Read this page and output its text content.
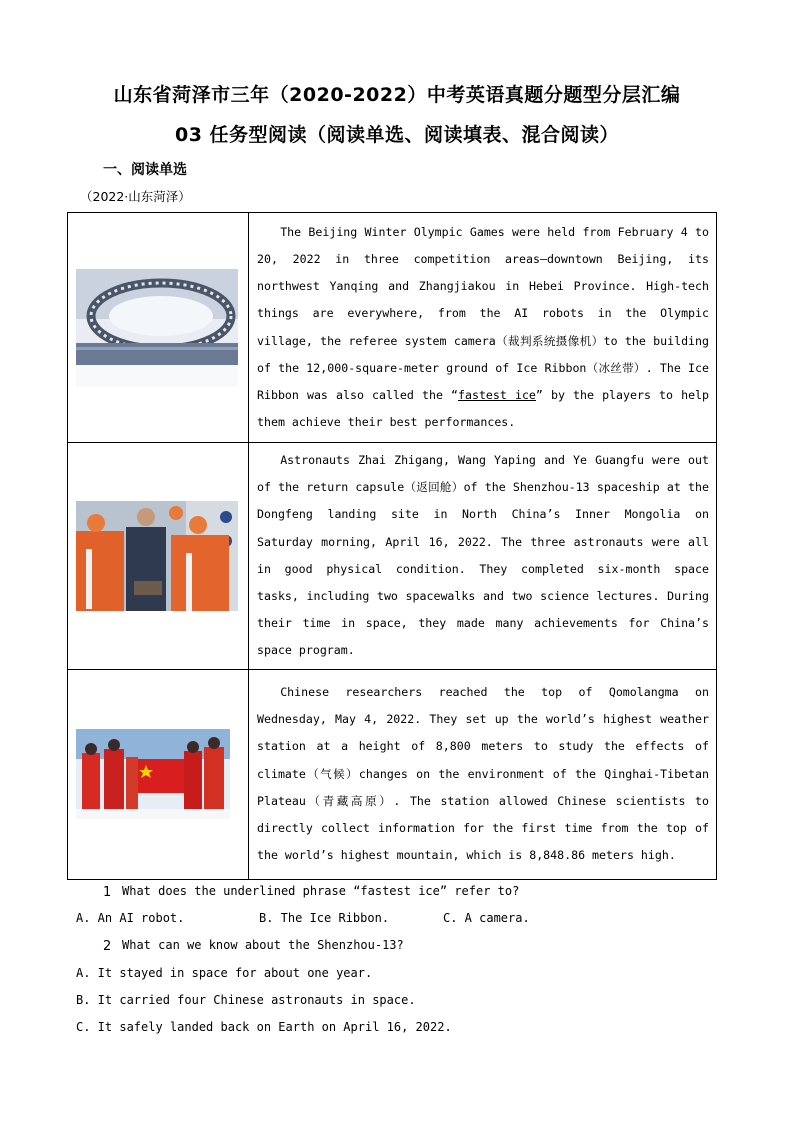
山东省菏泽市三年（2020-2022）中考英语真题分题型分层汇编
03 任务型阅读（阅读单选、阅读填表、混合阅读）
一、阅读单选
（2022·山东菏泽）

The Beijing Winter Olympic Games were held from February 4 to 20, 2022 in three competition areas—downtown Beijing, its northwest Yanqing and Zhangjiakou in Hebei Province. High-tech things are everywhere, from the AI robots in the Olympic village, the referee system camera（裁判系统摄像机）to the building of the 12,000-square-meter ground of Ice Ribbon（冰丝带）. The Ice Ribbon was also called the “fastest ice” by the players to help them achieve their best performances.

Astronauts Zhai Zhigang, Wang Yaping and Ye Guangfu were out of the return capsule（返回舱）of the Shenzhou-13 spaceship at the Dongfeng landing site in North China’s Inner Mongolia on Saturday morning, April 16, 2022. The three astronauts were all in good physical condition. They completed six-month space tasks, including two spacewalks and two science lectures. During their time in space, they made many achievements for China’s space program.

Chinese researchers reached the top of Qomolangma on Wednesday, May 4, 2022. They set up the world’s highest weather station at a height of 8,800 meters to study the effects of climate（气候）changes on the environment of the Qinghai-Tibetan Plateau（青藏高原）. The station allowed Chinese scientists to directly collect information for the first time from the top of the world’s highest mountain, which is 8,848.86 meters high.

1 What does the underlined phrase “fastest ice” refer to?
A. An AI robot.	B. The Ice Ribbon.	C. A camera.
2 What can we know about the Shenzhou-13?
A. It stayed in space for about one year.
B. It carried four Chinese astronauts in space.
C. It safely landed back on Earth on April 16, 2022.
